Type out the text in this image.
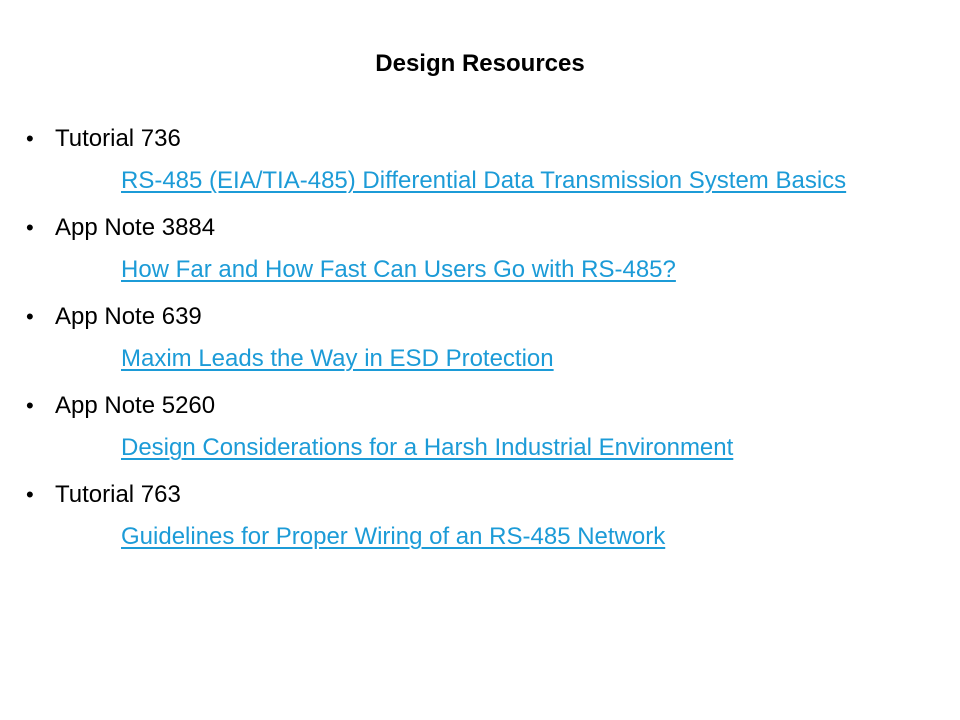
Design Resources
• Tutorial 736
RS-485 (EIA/TIA-485) Differential Data Transmission System Basics
• App Note 3884
How Far and How Fast Can Users Go with RS-485?
• App Note 639
Maxim Leads the Way in ESD Protection
• App Note 5260
Design Considerations for a Harsh Industrial Environment
• Tutorial 763
Guidelines for Proper Wiring of an RS-485 Network
